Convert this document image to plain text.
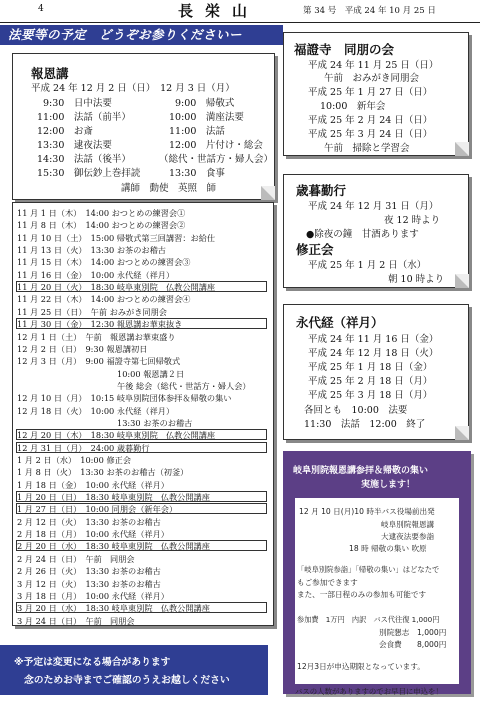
4	長栄山	第 34 号　平成 24 年 10 月 25 日
法要等の予定　どうぞお参りくださいー
報恩講
平成 24 年 12 月 2 日（日）　12 月 3 日（月）
9:30　日中法要	9:00　帰敬式
11:00　法話（前半）	10:00　満座法要
12:00　お斎	11:00　法話
13:30　逮夜法要	12:00　片付け・総会
14:30　法話（後半）	（総代・世話方・婦人会）
15:30　御伝鈔上巻拝読	13:30　食事
講師　動使　英照　師
11 月 1 日（木）　14:00 おつとめの練習会①
11 月 8 日（木）　14:00 おつとめの練習会②
11 月 10 日（土）　15:00 帰敬式第三回講習：お給仕
11 月 13 日（火）　13:30 お茶のお稽古
11 月 15 日（木）　14:00 おつとめの練習会③
11 月 16 日（金）　10:00 永代経（祥月）
11 月 20 日（火）　18:30 岐阜東別院　仏教公開講座
11 月 22 日（木）　14:00 おつとめの練習会④
11 月 25 日（日）　午前 おみがき同朋会
11 月 30 日（金）　12:30 報恩講お華束抜き
12 月 1 日（土）　午前　報恩講お華束盛り
12 月 2 日（日）　9:30 報恩講初日
12 月 3 日（月）　9:00 福證寺第七回帰敬式
10:00 報恩講２日
午後 総会（総代・世話方・婦人会）
12 月 10 日（月）　10:15 岐阜別院団体参拝＆帰敬の集い
12 月 18 日（火）　10:00 永代経（祥月）
13:30 お茶のお稽古
12 月 20 日（木）　18:30 岐阜東別院　仏教公開講座
12 月 31 日（月）　24:00 歳暮勤行
1 月 2 日（水）　10:00 修正会
1 月 8 日（火）　13:30 お茶のお稽古（初釜）
1 月 18 日（金）　10:00 永代経（祥月）
1 月 20 日（日）　18:30 岐阜東別院　仏教公開講座
1 月 27 日（日）　10:00 同朋会（新年会）
2 月 12 日（火）　13:30 お茶のお稽古
2 月 18 日（月）　10:00 永代経（祥月）
2 月 20 日（水）　18:30 岐阜東別院　仏教公開講座
2 月 24 日（日）　午前　同朋会
2 月 26 日（火）　13:30 お茶のお稽古
3 月 12 日（火）　13:30 お茶のお稽古
3 月 18 日（月）　10:00 永代経（祥月）
3 月 20 日（水）　18:30 岐阜東別院　仏教公開講座
3 月 24 日（日）　午前　同朋会
福證寺　同朋の会
平成 24 年 11 月 25 日（日）
午前　おみがき同朋会
平成 25 年 1 月 27 日（日）
10:00　新年会
平成 25 年 2 月 24 日（日）
平成 25 年 3 月 24 日（日）
午前　掃除と学習会
歳暮勤行
平成 24 年 12 月 31 日（月）
夜 12 時より
●除夜の鐘　甘酒あります
修正会
平成 25 年 1 月 2 日（水）
朝 10 時より
永代経（祥月）
平成 24 年 11 月 16 日（金）
平成 24 年 12 月 18 日（火）
平成 25 年 1 月 18 日（金）
平成 25 年 2 月 18 日（月）
平成 25 年 3 月 18 日（月）
各回とも　10:00　法要
11:30　法話　12:00　終了
岐阜別院報恩講参拝＆帰敬の集い
実施します！
12 月 10 日(月)10 時半バス役場前出発
岐阜別院報恩講
大逮夜法要参詣
18 時 帰敬の集い 吹原
「岐阜別院参詣」「帰敬の集い」はどなたで
もご参加できます
また、一部日程のみの参加も可能です
参加費　1万円　内訳　バス代往復 1,000円
別院懇志　1,000円
会食費　　8,000円
12月3日が申込期限となっています。
バスの人数がありますのでお早目に申込を！
※予定は変更になる場合があります
念のためお寺までご確認のうえお越しください
